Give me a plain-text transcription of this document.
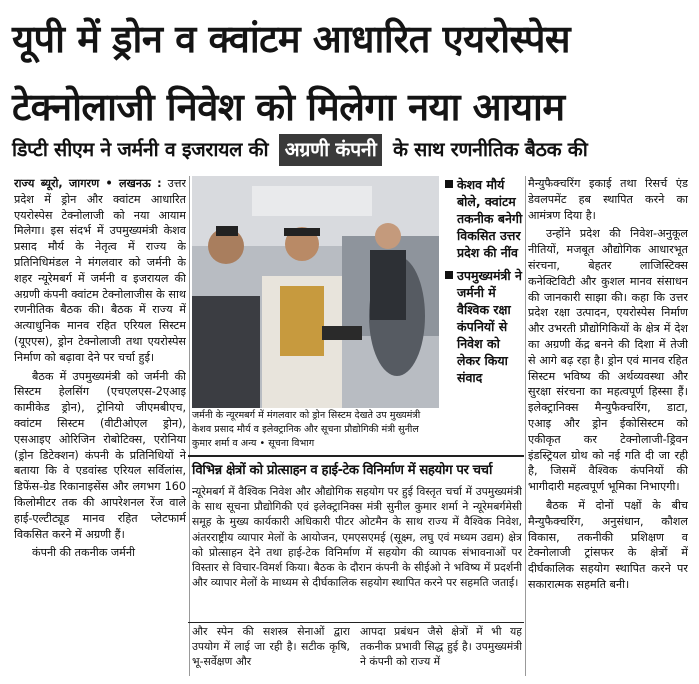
यूपी में ड्रोन व क्वांटम आधारित एयरोस्पेस
टेक्नोलाजी निवेश को मिलेगा नया आयाम
डिप्टी सीएम ने जर्मनी व इजरायल की अग्रणी कंपनी के साथ रणनीतिक बैठक की

राज्य ब्यूरो, जागरण • लखनऊ : उत्तर प्रदेश में ड्रोन और क्वांटम आधारित एयरोस्पेस टेक्नोलाजी को नया आयाम मिलेगा। इस संदर्भ में उपमुख्यमंत्री केशव प्रसाद मौर्य के नेतृत्व में राज्य के प्रतिनिधिमंडल ने मंगलवार को जर्मनी के शहर न्यूरेमबर्ग में जर्मनी व इजरायल की अग्रणी कंपनी क्वांटम टेक्नोलाजीस के साथ रणनीतिक बैठक की। बैठक में राज्य में अत्याधुनिक मानव रहित एरियल सिस्टम (यूएएस), ड्रोन टेक्नोलाजी तथा एयरोस्पेस निर्माण को बढ़ावा देने पर चर्चा हुई।

बैठक में उपमुख्यमंत्री को जर्मनी की सिस्टम हेलसिंग (एचएलएस-2एआइ कामीकेड ड्रोन), ट्रोनियो जीएमबीएच, क्वांटम सिस्टम (वीटीओएल ड्रोन), एसआइए ओरिजिन रोबोटिक्स, एरोनिया (ड्रोन डिटेक्शन) कंपनी के प्रतिनिधियों ने बताया कि वे एडवांस्ड एरियल सर्विलांस, डिफेंस-ग्रेड रिकानाइसेंस और लगभग 160 किलोमीटर तक की आपरेशनल रेंज वाले हाई-एल्टीट्यूड मानव रहित प्लेटफार्म विकसित करने में अग्रणी हैं।

कंपनी की तकनीक जर्मनी

जर्मनी के न्यूरमबर्ग में मंगलवार को ड्रोन सिस्टम देखते उप मुख्यमंत्री केशव प्रसाद मौर्य व इलेक्ट्रानिक और सूचना प्रौद्योगिकी मंत्री सुनील कुमार शर्मा व अन्य • सूचना विभाग
केशव मौर्य बोले, क्वांटम तकनीक बनेगी विकसित उत्तर प्रदेश की नींव
उपमुख्यमंत्री ने जर्मनी में वैश्विक रक्षा कंपनियों से निवेश को लेकर किया संवाद

मैन्युफैक्चरिंग इकाई तथा रिसर्च एंड डेवलपमेंट हब स्थापित करने का आमंत्रण दिया है।

उन्होंने प्रदेश की निवेश-अनुकूल नीतियों, मजबूत औद्योगिक आधारभूत संरचना, बेहतर लाजिस्टिक्स कनेक्टिविटी और कुशल मानव संसाधन की जानकारी साझा की। कहा कि उत्तर प्रदेश रक्षा उत्पादन, एयरोस्पेस निर्माण और उभरती प्रौद्योगिकियों के क्षेत्र में देश का अग्रणी केंद्र बनने की दिशा में तेजी से आगे बढ़ रहा है। ड्रोन एवं मानव रहित सिस्टम भविष्य की अर्थव्यवस्था और सुरक्षा संरचना का महत्वपूर्ण हिस्सा हैं। इलेक्ट्रानिक्स मैन्युफैक्चरिंग, डाटा, एआइ और ड्रोन ईकोसिस्टम को एकीकृत कर टेक्नोलाजी-ड्रिवन इंडस्ट्रियल ग्रोथ को नई गति दी जा रही है, जिसमें वैश्विक कंपनियों की भागीदारी महत्वपूर्ण भूमिका निभाएगी।

बैठक में दोनों पक्षों के बीच मैन्युफैक्चरिंग, अनुसंधान, कौशल विकास, तकनीकी प्रशिक्षण व टेक्नोलाजी ट्रांसफर के क्षेत्रों में दीर्घकालिक सहयोग स्थापित करने पर सकारात्मक सहमति बनी।

विभिन्न क्षेत्रों को प्रोत्साहन व हाई-टेक विनिर्माण में सहयोग पर चर्चा
न्यूरेमबर्ग में वैश्विक निवेश और औद्योगिक सहयोग पर हुई विस्तृत चर्चा में उपमुख्यमंत्री के साथ सूचना प्रौद्योगिकी एवं इलेक्ट्रानिक्स मंत्री सुनील कुमार शर्मा ने न्यूरेमबर्गमेसी समूह के मुख्य कार्यकारी अधिकारी पीटर ओटमैन के साथ राज्य में वैश्विक निवेश, अंतरराष्ट्रीय व्यापार मेलों के आयोजन, एमएसएमई (सूक्ष्म, लघु एवं मध्यम उद्यम) क्षेत्र को प्रोत्साहन देने तथा हाई-टेक विनिर्माण में सहयोग की व्यापक संभावनाओं पर विस्तार से विचार-विमर्श किया। बैठक के दौरान कंपनी के सीईओ ने भविष्य में प्रदर्शनी और व्यापार मेलों के माध्यम से दीर्घकालिक सहयोग स्थापित करने पर सहमति जताई।
और स्पेन की सशस्त्र सेनाओं द्वारा उपयोग में लाई जा रही है। सटीक कृषि, भू-सर्वेक्षण और
आपदा प्रबंधन जैसे क्षेत्रों में भी यह तकनीक प्रभावी सिद्ध हुई है। उपमुख्यमंत्री ने कंपनी को राज्य में
